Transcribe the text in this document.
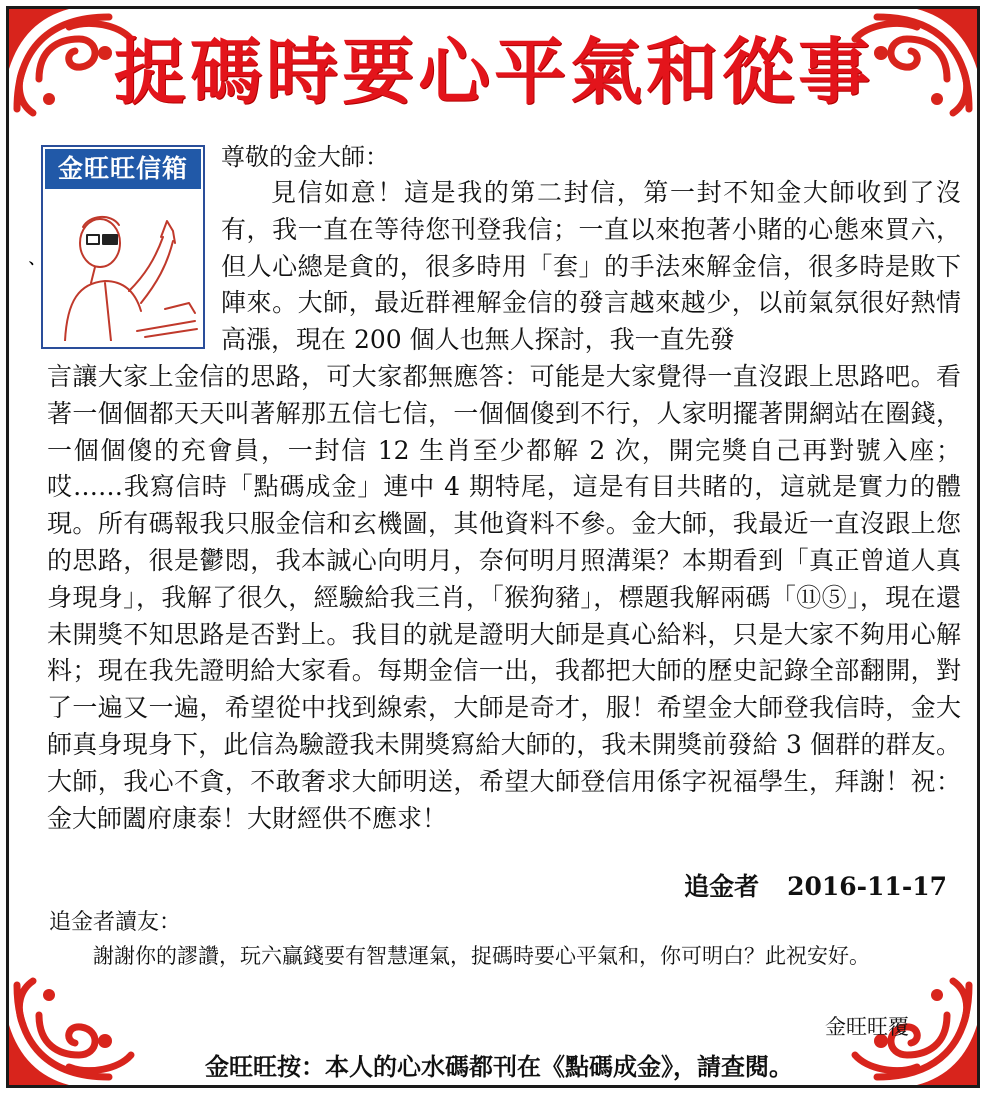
捉碼時要心平氣和從事
金旺旺信箱
、
尊敬的金大師：
見信如意！這是我的第二封信，第一封不知金大師收到了沒有，我一直在等待您刊登我信；一直以來抱著小賭的心態來買六，但人心總是貪的，很多時用「套」的手法來解金信，很多時是敗下陣來。大師，最近群裡解金信的發言越來越少，以前氣氛很好熱情高漲，現在 200 個人也無人探討，我一直先發
言讓大家上金信的思路，可大家都無應答：可能是大家覺得一直沒跟上思路吧。看著一個個都天天叫著解那五信七信，一個個傻到不行，人家明擺著開網站在圈錢，一個個傻的充會員，一封信 12 生肖至少都解 2 次，開完獎自己再對號入座；哎……我寫信時「點碼成金」連中 4 期特尾，這是有目共睹的，這就是實力的體現。所有碼報我只服金信和玄機圖，其他資料不參。金大師，我最近一直沒跟上您的思路，很是鬱悶，我本誠心向明月，奈何明月照溝渠？本期看到「真正曾道人真身現身」，我解了很久，經驗給我三肖，「猴狗豬」，標題我解兩碼「⑪⑤」，現在還未開獎不知思路是否對上。我目的就是證明大師是真心給料，只是大家不夠用心解料；現在我先證明給大家看。每期金信一出，我都把大師的歷史記錄全部翻開，對了一遍又一遍，希望從中找到線索，大師是奇才，服！希望金大師登我信時，金大師真身現身下，此信為驗證我未開獎寫給大師的，我未開獎前發給 3 個群的群友。大師，我心不貪，不敢奢求大師明送，希望大師登信用係字祝福學生，拜謝！祝：金大師闔府康泰！大財經供不應求！
追金者 2016-11-17
追金者讀友：
謝謝你的謬讚，玩六贏錢要有智慧運氣，捉碼時要心平氣和，你可明白？此祝安好。
金旺旺覆
金旺旺按：本人的心水碼都刊在《點碼成金》，請查閱。
